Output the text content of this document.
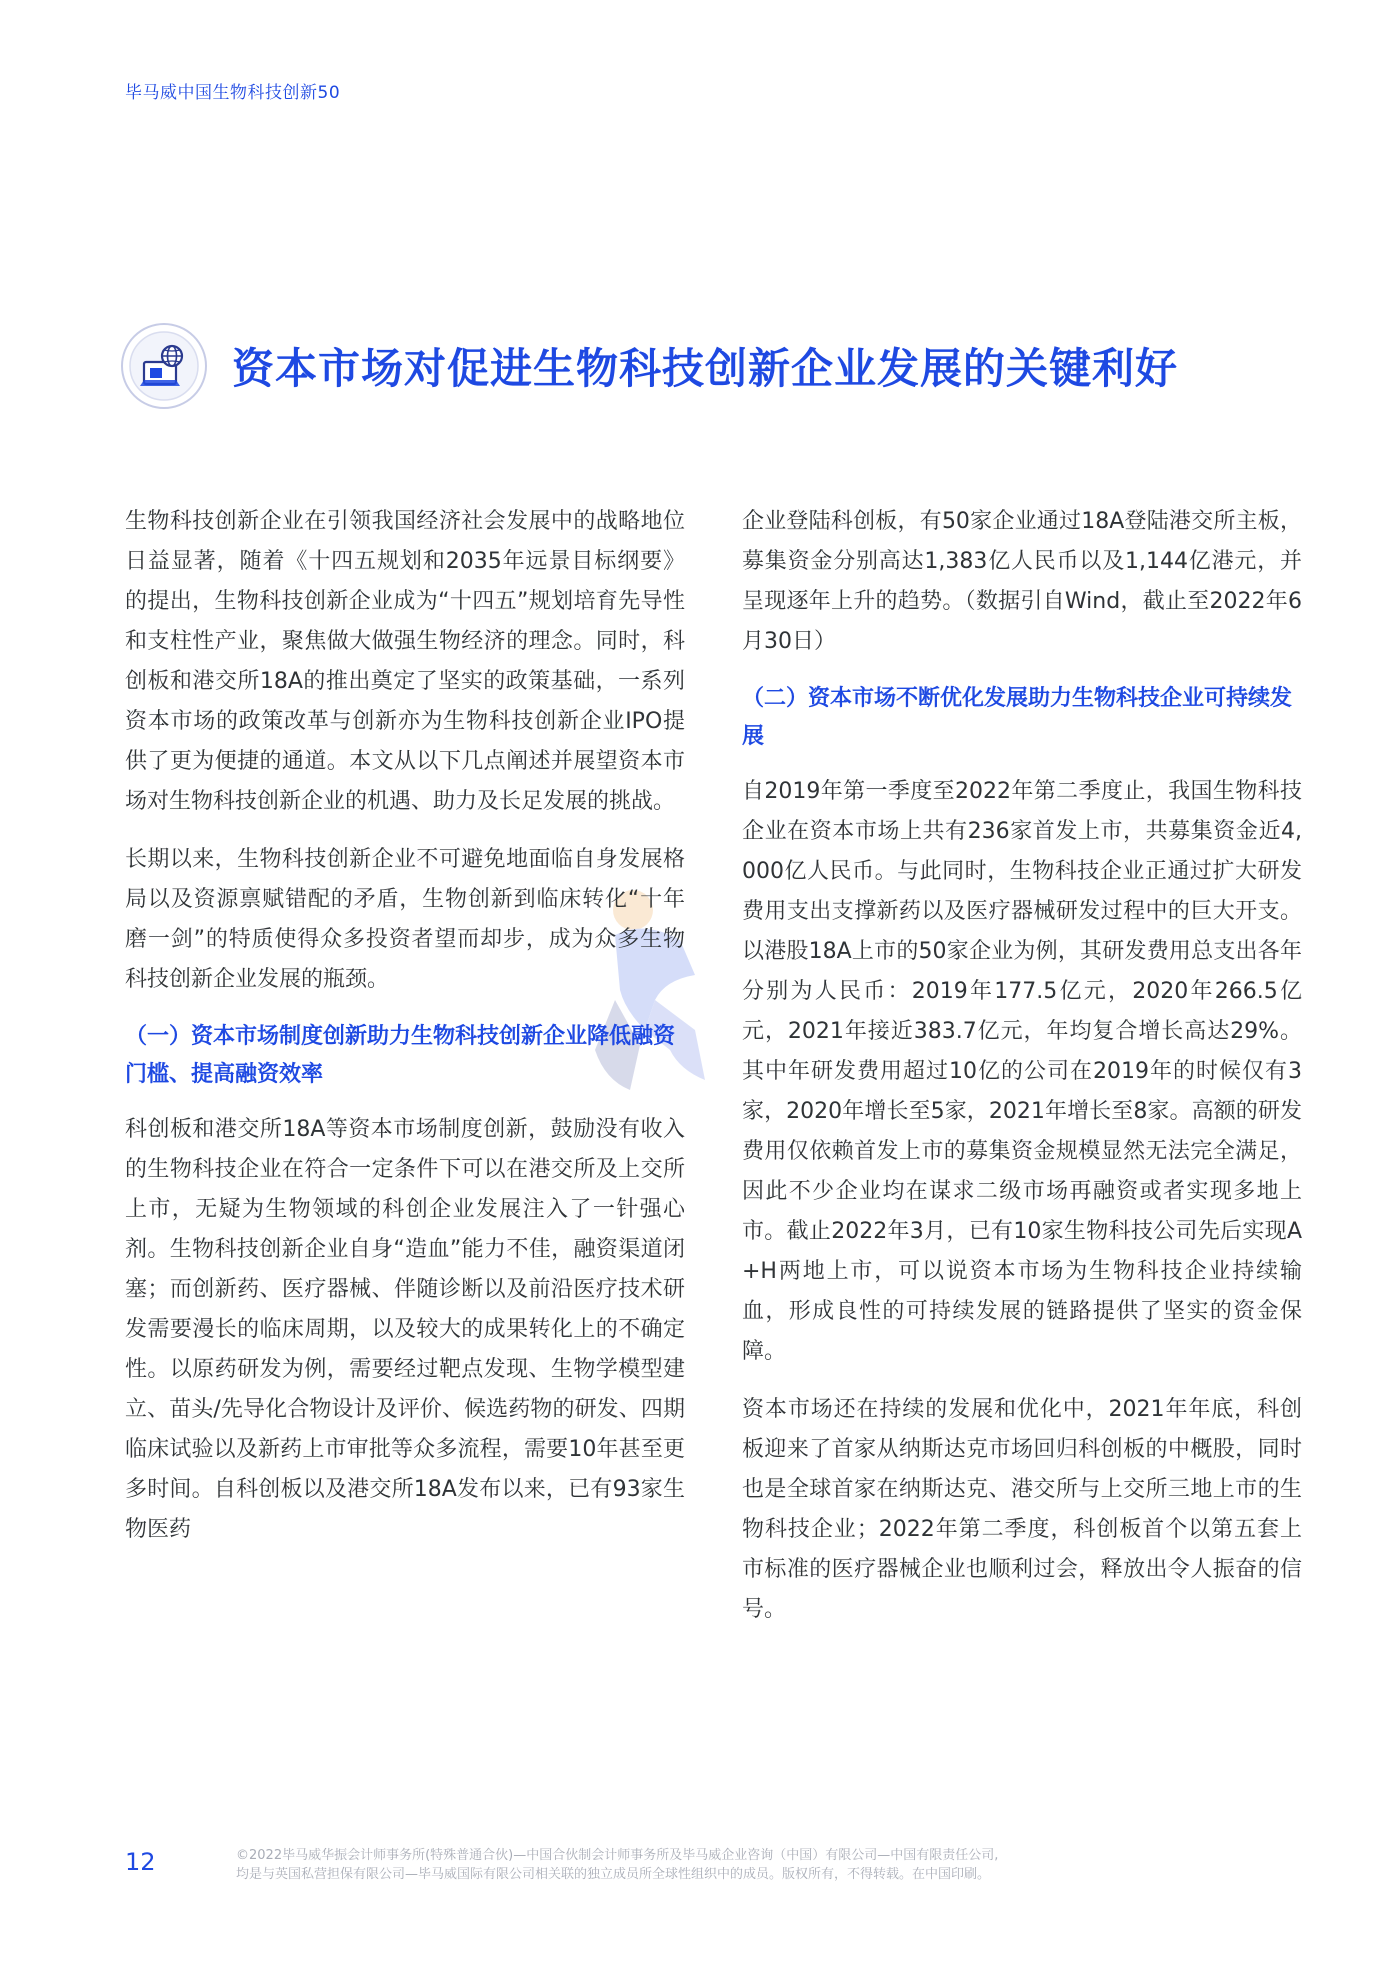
毕马威中国生物科技创新50
资本市场对促进生物科技创新企业发展的关键利好

生物科技创新企业在引领我国经济社会发展中的战略地位日益显著，随着《十四五规划和2035年远景目标纲要》的提出，生物科技创新企业成为“十四五”规划培育先导性和支柱性产业，聚焦做大做强生物经济的理念。同时，科创板和港交所18A的推出奠定了坚实的政策基础，一系列资本市场的政策改革与创新亦为生物科技创新企业IPO提供了更为便捷的通道。本文从以下几点阐述并展望资本市场对生物科技创新企业的机遇、助力及长足发展的挑战。

长期以来，生物科技创新企业不可避免地面临自身发展格局以及资源禀赋错配的矛盾，生物创新到临床转化“十年磨一剑”的特质使得众多投资者望而却步，成为众多生物科技创新企业发展的瓶颈。

（一）资本市场制度创新助力生物科技创新企业降低融资门槛、提高融资效率

科创板和港交所18A等资本市场制度创新，鼓励没有收入的生物科技企业在符合一定条件下可以在港交所及上交所上市，无疑为生物领域的科创企业发展注入了一针强心剂。生物科技创新企业自身“造血”能力不佳，融资渠道闭塞；而创新药、医疗器械、伴随诊断以及前沿医疗技术研发需要漫长的临床周期，以及较大的成果转化上的不确定性。以原药研发为例，需要经过靶点发现、生物学模型建立、苗头/先导化合物设计及评价、候选药物的研发、四期临床试验以及新药上市审批等众多流程，需要10年甚至更多时间。自科创板以及港交所18A发布以来，已有93家生物医药

企业登陆科创板，有50家企业通过18A登陆港交所主板，募集资金分别高达1,383亿人民币以及1,144亿港元，并呈现逐年上升的趋势。（数据引自Wind，截止至2022年6月30日）

（二）资本市场不断优化发展助力生物科技企业可持续发展

自2019年第一季度至2022年第二季度止，我国生物科技企业在资本市场上共有236家首发上市，共募集资金近4,000亿人民币。与此同时，生物科技企业正通过扩大研发费用支出支撑新药以及医疗器械研发过程中的巨大开支。以港股18A上市的50家企业为例，其研发费用总支出各年分别为人民币：2019年177.5亿元，2020年266.5亿元，2021年接近383.7亿元，年均复合增长高达29%。其中年研发费用超过10亿的公司在2019年的时候仅有3家，2020年增长至5家，2021年增长至8家。高额的研发费用仅依赖首发上市的募集资金规模显然无法完全满足，因此不少企业均在谋求二级市场再融资或者实现多地上市。截止2022年3月，已有10家生物科技公司先后实现A+H两地上市，可以说资本市场为生物科技企业持续输血，形成良性的可持续发展的链路提供了坚实的资金保障。

资本市场还在持续的发展和优化中，2021年年底，科创板迎来了首家从纳斯达克市场回归科创板的中概股，同时也是全球首家在纳斯达克、港交所与上交所三地上市的生物科技企业；2022年第二季度，科创板首个以第五套上市标准的医疗器械企业也顺利过会，释放出令人振奋的信号。

12	©2022毕马威华振会计师事务所(特殊普通合伙)—中国合伙制会计师事务所及毕马威企业咨询（中国）有限公司—中国有限责任公司,
均是与英国私营担保有限公司—毕马威国际有限公司相关联的独立成员所全球性组织中的成员。版权所有，不得转载。在中国印刷。
